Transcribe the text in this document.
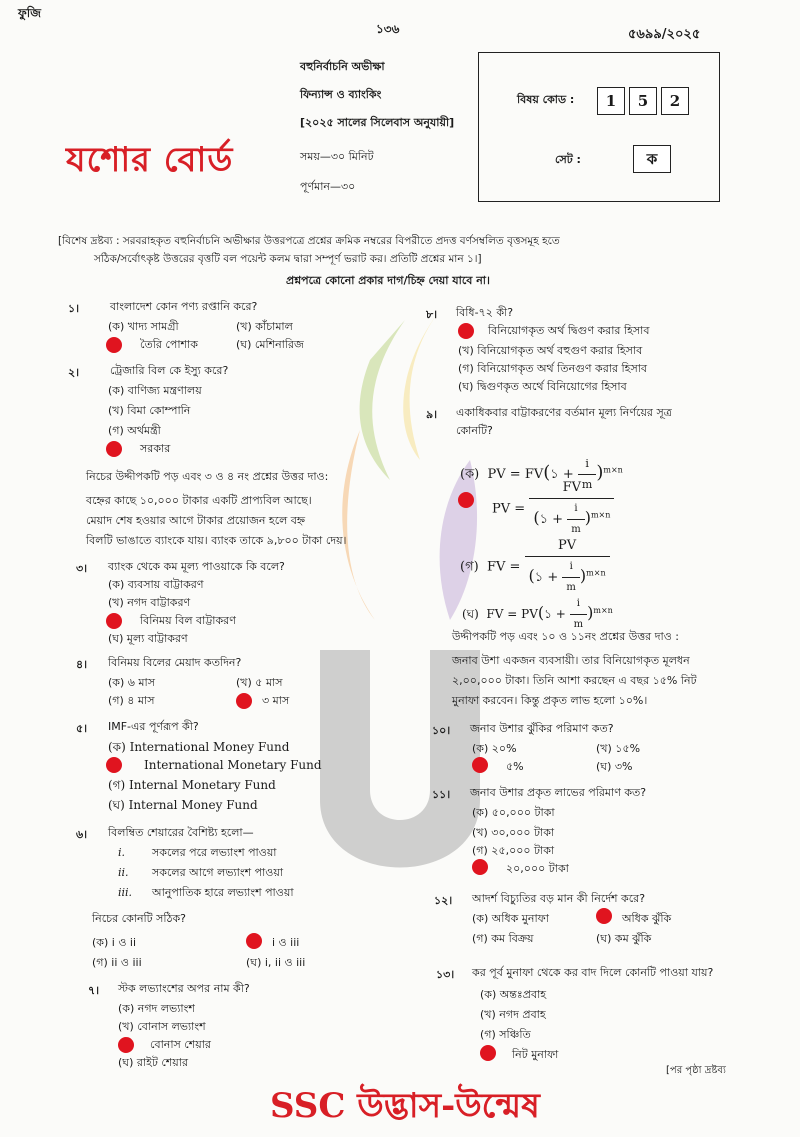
ফুজি
১৩৬	৫৬৯৯/২০২৫
যশোর বোর্ড
বহুনির্বাচনি অভীক্ষা
ফিন্যান্স ও ব্যাংকিং
[২০২৫ সালের সিলেবাস অনুযায়ী]
সময়—৩০ মিনিট
পূর্ণমান—৩০
বিষয় কোড :	1	5	2
সেট :	ক
[বিশেষ দ্রষ্টব্য : সরবরাহকৃত বহুনির্বাচনি অভীক্ষার উত্তরপত্রে প্রশ্নের ক্রমিক নম্বরের বিপরীতে প্রদত্ত বর্ণসম্বলিত বৃত্তসমূহ হতে
সঠিক/সর্বোৎকৃষ্ট উত্তরের বৃত্তটি বল পয়েন্ট কলম দ্বারা সম্পূর্ণ ভরাট কর। প্রতিটি প্রশ্নের মান ১।]
প্রশ্নপত্রে কোনো প্রকার দাগ/চিহ্ন দেয়া যাবে না।
১।	বাংলাদেশ কোন পণ্য রপ্তানি করে?
(ক) খাদ্য সামগ্রী	(খ) কাঁচামাল
তৈরি পোশাক	(ঘ) মেশিনারিজ
২।	ট্রেজারি বিল কে ইস্যু করে?
(ক) বাণিজ্য মন্ত্রণালয়
(খ) বিমা কোম্পানি
(গ) অর্থমন্ত্রী
সরকার
নিচের উদ্দীপকটি পড় এবং ৩ ও ৪ নং প্রশ্নের উত্তর দাও:
বহ্নের কাছে ১০,০০০ টাকার একটি প্রাপ্যবিল আছে।
মেয়াদ শেষ হওয়ার আগে টাকার প্রয়োজন হলে বহ্ন
বিলটি ভাঙাতে ব্যাংকে যায়। ব্যাংক তাকে ৯,৮০০ টাকা দেয়।
৩। ব্যাংক থেকে কম মূল্য পাওয়াকে কি বলে?
(ক) ব্যবসায় বাট্টাকরণ
(খ) নগদ বাট্টাকরণ
বিনিময় বিল বাট্টাকরণ
(ঘ) মূল্য বাট্টাকরণ
৪। বিনিময় বিলের মেয়াদ কতদিন?
(ক) ৬ মাস	(খ) ৫ মাস
(গ) ৪ মাস	৩ মাস
৫। IMF-এর পূর্ণরূপ কী?
(ক) International Money Fund
International Monetary Fund
(গ) Internal Monetary Fund
(ঘ) Internal Money Fund
৬। বিলম্বিত শেয়ারের বৈশিষ্ট্য হলো—
i. সকলের পরে লভ্যাংশ পাওয়া
ii. সকলের আগে লভ্যাংশ পাওয়া
iii. আনুপাতিক হারে লভ্যাংশ পাওয়া
নিচের কোনটি সঠিক?
(ক) i ও ii	i ও iii
(গ) ii ও iii	(ঘ) i, ii ও iii
৭। স্টক লভ্যাংশের অপর নাম কী?
(ক) নগদ লভ্যাংশ
(খ) বোনাস লভ্যাংশ
বোনাস শেয়ার
(ঘ) রাইট শেয়ার
৮। বিধি-৭২ কী?
বিনিয়োগকৃত অর্থ দ্বিগুণ করার হিসাব
(খ) বিনিয়োগকৃত অর্থ বহুগুণ করার হিসাব
(গ) বিনিয়োগকৃত অর্থ তিনগুণ করার হিসাব
(ঘ) দ্বিগুণকৃত অর্থে বিনিয়োগের হিসাব
৯। একাধিকবার বাট্টাকরণের বর্তমান মূল্য নির্ণয়ের সূত্র
কোনটি?
(ক) PV = FV(১ + $\frac{i}{m} )^{m\times n}$
PV = $\frac{FV}{(১ + \frac{i}{m} )^{m\times n}}$
(গ) FV = $\frac{PV}{(১ + \frac{i}{m} )^{m\times n}}$
(ঘ) FV = PV(১ + $\frac{i}{m} )^{m\times n}$
উদ্দীপকটি পড় এবং ১০ ও ১১নং প্রশ্নের উত্তর দাও :
জনাব উশা একজন ব্যবসায়ী। তার বিনিয়োগকৃত মূলধন
২,০০,০০০ টাকা। তিনি আশা করছেন এ বছর ১৫% নিট
মুনাফা করবেন। কিন্তু প্রকৃত লাভ হলো ১০%।
১০। জনাব উশার ঝুঁকির পরিমাণ কত?
(ক) ২০%	(খ) ১৫%
৫%	(ঘ) ৩%
১১। জনাব উশার প্রকৃত লাভের পরিমাণ কত?
(ক) ৫০,০০০ টাকা
(খ) ৩০,০০০ টাকা
(গ) ২৫,০০০ টাকা
২০,০০০ টাকা
১২। আদর্শ বিচ্যুতির বড় মান কী নির্দেশ করে?
(ক) অধিক মুনাফা	অধিক ঝুঁকি
(গ) কম বিক্রয়	(ঘ) কম ঝুঁকি
১৩। কর পূর্ব মুনাফা থেকে কর বাদ দিলে কোনটি পাওয়া যায়?
(ক) অন্তঃপ্রবাহ
(খ) নগদ প্রবাহ
(গ) সঞ্চিতি
নিট মুনাফা
[পর পৃষ্ঠা দ্রষ্টব্য
SSC উদ্ভাস-উন্মেষ
